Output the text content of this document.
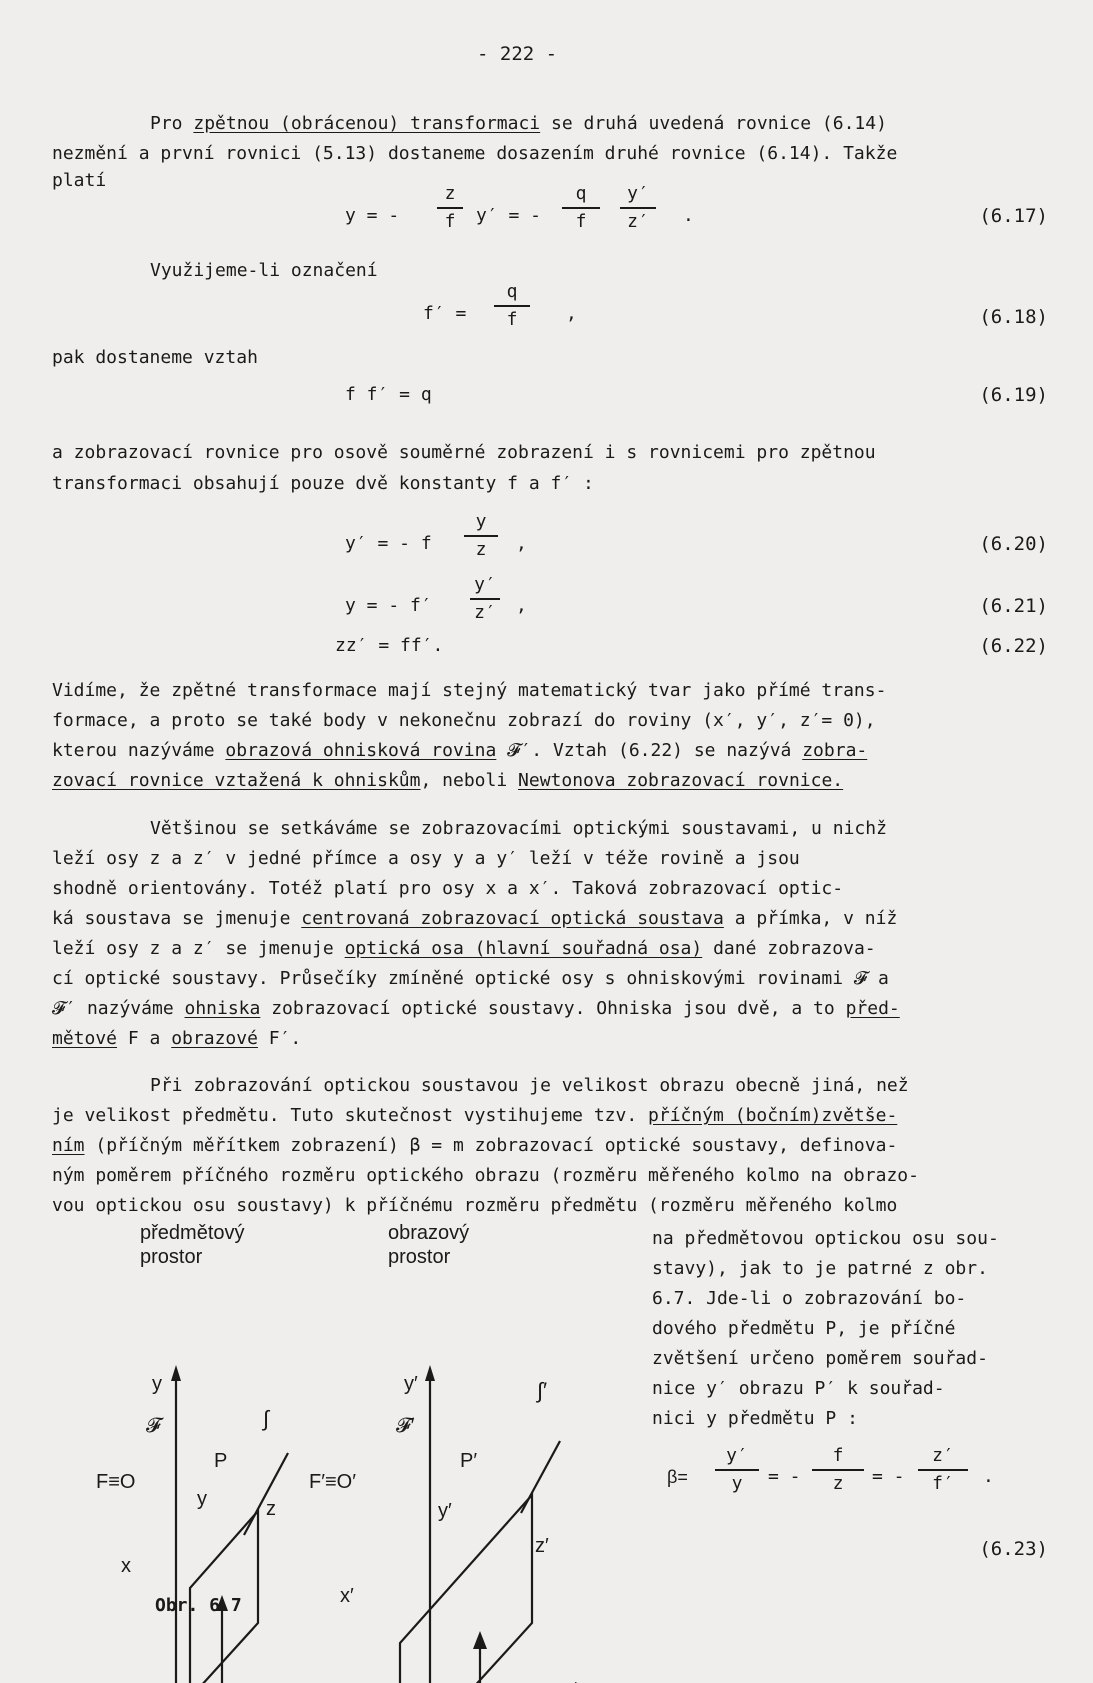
- 222 -
Pro zpětnou (obrácenou) transformaci se druhá uvedená rovnice (6.14)
nezmění a první rovnici (5.13) dostaneme dosazením druhé rovnice (6.14). Takže
platí
y = -
z
f y′ = -
q
f
y′
z′ .	(6.17)
Využijeme-li označení
f′ =
q
f	,	(6.18)
pak dostaneme vztah
f f′ = q	(6.19)
a zobrazovací rovnice pro osově souměrné zobrazení i s rovnicemi pro zpětnou
transformaci obsahují pouze dvě konstanty f a f′ :
y′ = - f
y
z ,	(6.20)
y = - f′
y′
z′ ,	(6.21)
zz′ = ff′.	(6.22)
Vidíme, že zpětné transformace mají stejný matematický tvar jako přímé trans-
formace, a proto se také body v nekonečnu zobrazí do roviny (x′, y′, z′= 0),
kterou nazýváme obrazová ohnisková rovina 𝓕′. Vztah (6.22) se nazývá zobra-
zovací rovnice vztažená k ohniskům, neboli Newtonova zobrazovací rovnice.
Většinou se setkáváme se zobrazovacími optickými soustavami, u nichž
leží osy z a z′ v jedné přímce a osy y a y′ leží v téže rovině a jsou
shodně orientovány. Totéž platí pro osy x a x′. Taková zobrazovací optic-
ká soustava se jmenuje centrovaná zobrazovací optická soustava a přímka, v níž
leží osy z a z′ se jmenuje optická osa (hlavní souřadná osa) dané zobrazova-
cí optické soustavy. Průsečíky zmíněné optické osy s ohniskovými rovinami 𝓕 a
𝓕′ nazýváme ohniska zobrazovací optické soustavy. Ohniska jsou dvě, a to před-
mětové F a obrazové F′.
Při zobrazování optickou soustavou je velikost obrazu obecně jiná, než
je velikost předmětu. Tuto skutečnost vystihujeme tzv. příčným (bočním)zvětše-
ním (příčným měřítkem zobrazení) β = m zobrazovací optické soustavy, definova-
ným poměrem příčného rozměru optického obrazu (rozměru měřeného kolmo na obrazo-
vou optickou osu soustavy) k příčnému rozměru předmětu (rozměru měřeného kolmo
na předmětovou optickou osu sou-
stavy), jak to je patrné z obr.
6.7. Jde-li o zobrazování bo-
dového předmětu P, je příčné
zvětšení určeno poměrem souřad-
nice y′ obrazu P′ k souřad-
nici y předmětu P :
β=
y′
y = -
f
z = -
z′
f′ .
(6.23)
předmětový
prostor
obrazový
prostor
y
𝓕
F≡O
P
y	z
x
∫
y′
𝓕′
F′≡O′
P′
y′
z′
x′
∫′
Obr. 6.7
